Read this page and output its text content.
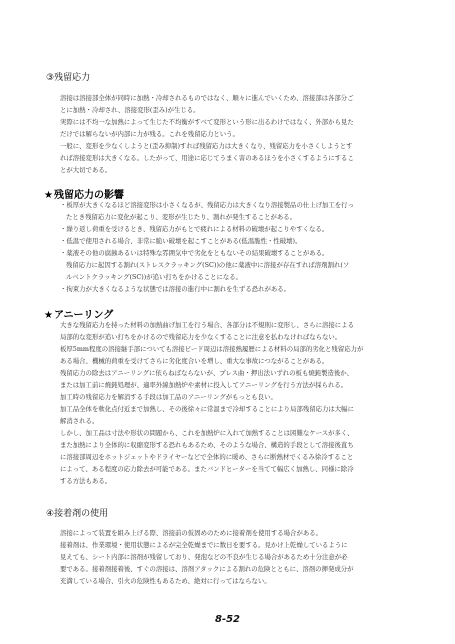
③残留応力
溶接は溶接部全体が同時に加熱・冷却されるものではなく、順々に進んでいくため、溶接部は各部分ご
とに加熱・冷却され、溶接変形(歪み)が生じる。
実際には不均一な加熱によって生じた不均衡がすべて変形という形に出るわけではなく、外部から見た
だけでは解らないが内部に力が残る。これを残留応力という。
一般に、変形を少なくしようと(歪み抑制)すれば残留応力は大きくなり、残留応力を小さくしようとす
れば溶接変形は大きくなる。したがって、用途に応じてうまく害のあるほうを小さくするようにするこ
とが大切である。
★残留応力の影響
・板厚が大きくなるほど溶接変形は小さくなるが、残留応力は大きくなり溶接製品の仕上げ加工を行っ
たとき残留応力に変化が起こり、変形が生じたり、割れが発生することがある。
・繰り返し荷重を受けるとき、残留応力がもとで疲れによる材料の破壊が起こりやすくなる。
・低温で使用される場合、非常に脆い破壊を起こすことがある(低温脆性・性破壊)。
・薬液その他の腐蝕あるいは特殊な雰囲気中で劣化をともないその結果破壊することがある。
残留応力に起因する割れ(ストレスクラッキング(SC))の他に薬液中に溶接が存在すれば溶剤割れ(ソ
ルベントクラッキング(SC))が追い打ちをかけることになる。
・拘束力が大きくなるような状態では溶接の進行中に割れを生ずる恐れがある。
★アニーリング
大きな残留応力を持った材料の加熱曲げ加工を行う場合、各部分は不規則に変形し、さらに溶接による
局部的な変形が追い打ちをかけるので残留応力を少なくすることに注意を払わなければならない。
板厚5mm程度の溶接継手部についても溶接ビード周辺は溶接熱履歴による材料の局部的劣化と残留応力が
ある場合、機械的荷重を受けてさらに劣化度合いを増し、重大な事故につながることがある。
残留応力の除去はアニーリングに依らねばならないが、プレス曲・押出法いずれの板も焼鈍製造後か、
または加工前に焼鈍処理が、適率外線加熱炉や素材に投入してアニーリングを行う方法が採られる。
加工時の残留応力を解消する手段は加工品のアニーリングがもっとも良い。
加工品全体を軟化点付近まで加熱し、その後徐々に常温まで冷却することにより局部残留応力は大幅に
解消される。
しかし、加工品は寸法や形状の問題から、これを加熱炉に入れて加熱することは困難なケースが多く、
また加熱により全体的に収縮変形する恐れもあるため、そのような場合、構造的手段として溶接後直ち
に溶接部周辺をホットジェットやドライヤーなどで全体的に暖め、さらに断熱材でくるみ徐冷すること
によって、ある程度の応力除去が可能である。またバンドヒーターを当てて幅広く加熱し、同様に除冷
する方法もある。
④接着剤の使用
溶接によって装置を組み上げる際、溶接前の仮固めのために接着剤を使用する場合がある。
接着剤は、作業環境・使用状態によるが完全乾燥までに数日を要する。見かけ上乾燥しているように
見えても、シート内部に溶剤が残留しており、発泡などの不良が生じる場合があるため十分注意が必
要である。接着剤接着後、すぐの溶接は、溶剤アタックによる割れの危険とともに、溶剤の揮発成分が
充満している場合、引火の危険性もあるため、絶対に行ってはならない。
8-52
